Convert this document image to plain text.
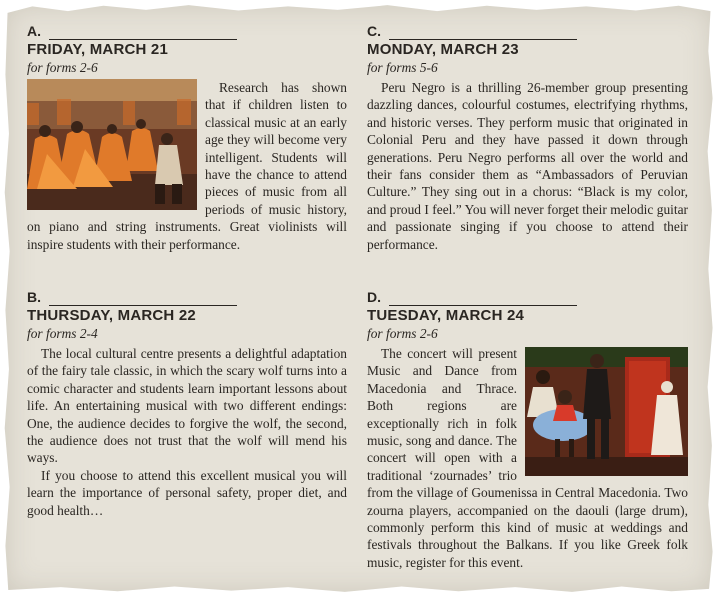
A.
FRIDAY, MARCH 21
for forms 2-6

Research has shown that if children listen to classical music at an early age they will become very intelligent. Students will have the chance to attend pieces of music from all periods of music history, on piano and string instruments. Great violinists will inspire students with their performance.

B.
THURSDAY, MARCH 22
for forms 2-4

The local cultural centre presents a delightful adaptation of the fairy tale classic, in which the scary wolf turns into a comic character and students learn important lessons about life. An entertaining musical with two different endings: One, the audience decides to forgive the wolf, the second, the audience does not trust that the wolf will mend his ways.

If you choose to attend this excellent musical you will learn the importance of personal safety, proper diet, and good health…

C.
MONDAY, MARCH 23
for forms 5-6

Peru Negro is a thrilling 26-member group presenting dazzling dances, colourful costumes, electrifying rhythms, and historic verses. They perform music that originated in Colonial Peru and they have passed it down through generations. Peru Negro performs all over the world and their fans consider them as “Ambassadors of Peruvian Culture.” They sing out in a chorus: “Black is my color, and proud I feel.” You will never forget their melodic guitar and passionate singing if you choose to attend their performance.

D.
TUESDAY, MARCH 24
for forms 2-6

The concert will present Music and Dance from Macedonia and Thrace. Both regions are exceptionally rich in folk music, song and dance. The concert will open with a traditional ‘zournades’ trio from the village of Goumenissa in Central Macedonia. Two zourna players, accompanied on the daouli (large drum), commonly perform this kind of music at weddings and festivals throughout the Balkans. If you like Greek folk music, register for this event.
